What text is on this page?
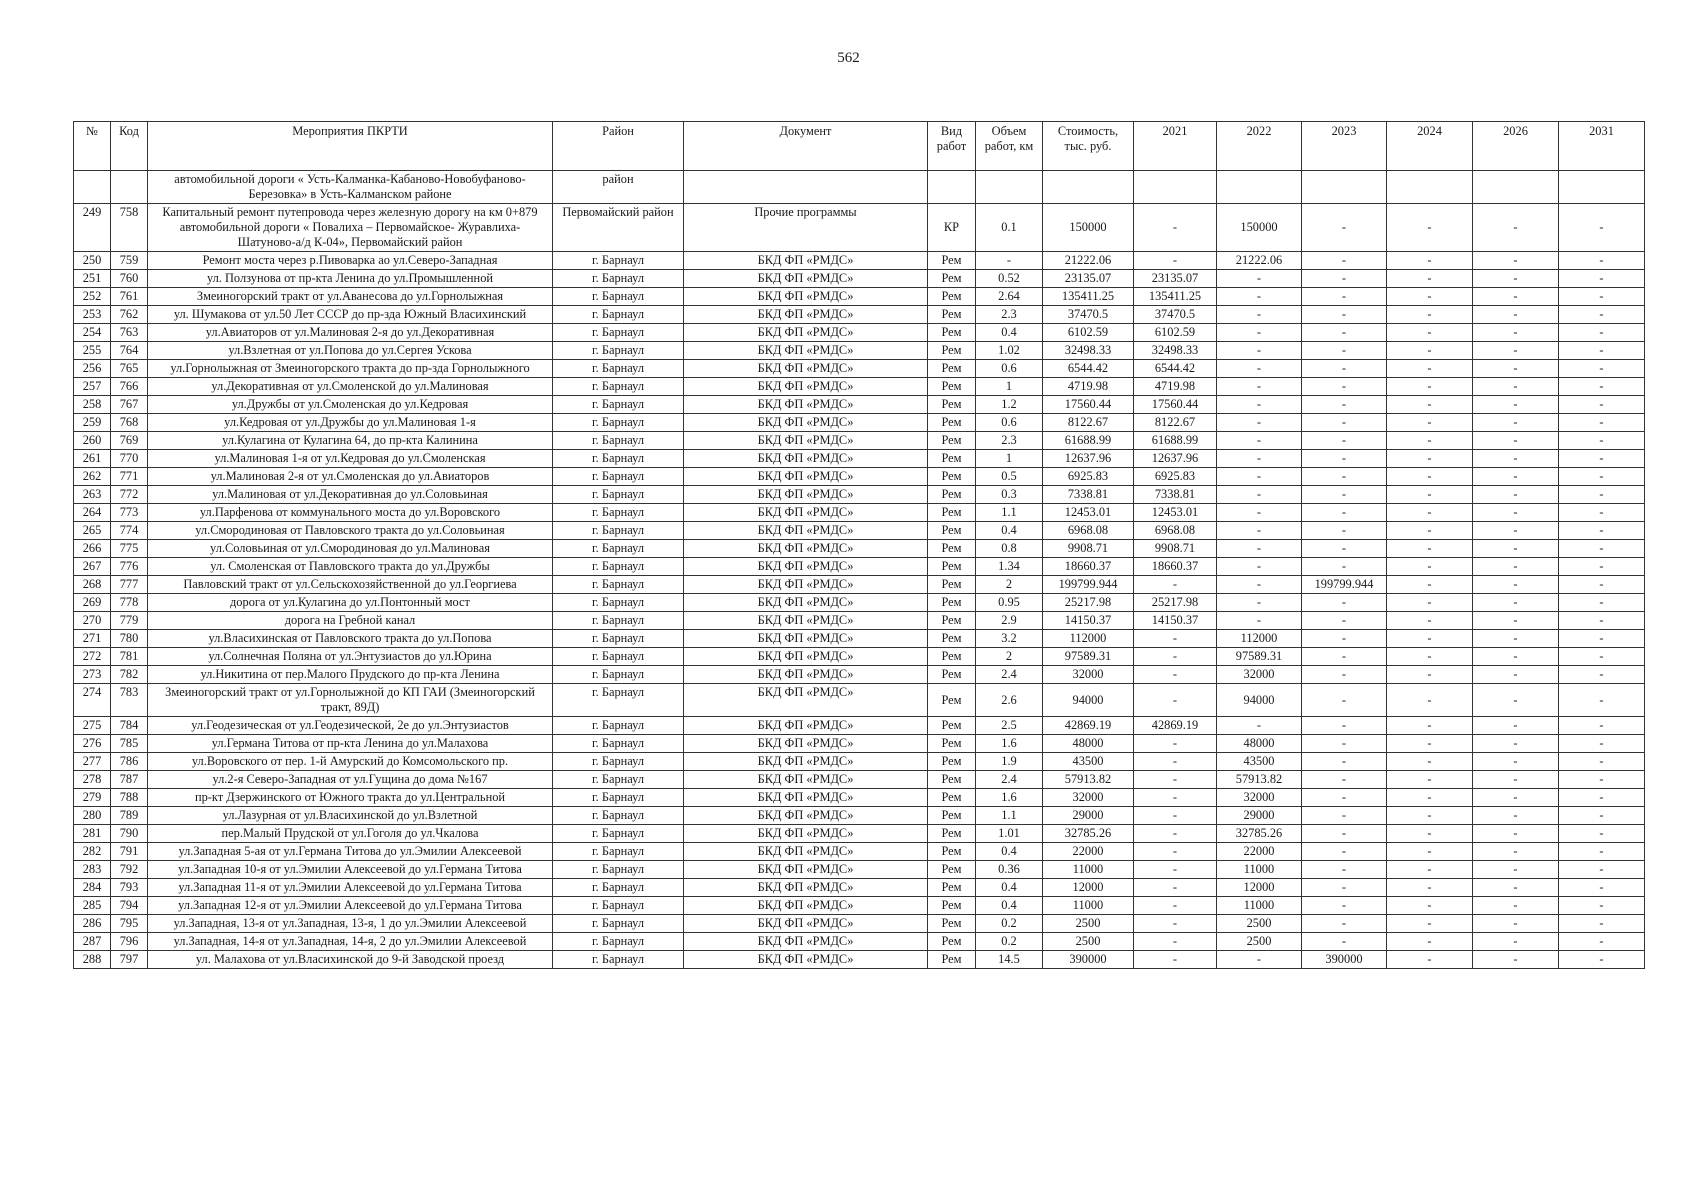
562
№	Код	Мероприятия ПКРТИ	Район	Документ	Вид работ	Объем работ, км	Стоимость, тыс. руб.	2021	2022	2023	2024	2026	2031
		автомобильной дороги « Усть-Калманка-Кабаново-Новобуфаново-Березовка» в Усть-Калманском районе	район										
249	758	Капитальный ремонт путепровода через железную дорогу на км 0+879 автомобильной дороги « Повалиха – Первомайское- Журавлиха-Шатуново-а/д К-04», Первомайский район	Первомайский район	Прочие программы	КР	0.1	150000	-	150000	-	-	-	-
250	759	Ремонт моста через р.Пивоварка ао ул.Северо-Западная	г. Барнаул	БКД ФП «РМДС»	Рем	-	21222.06	-	21222.06	-	-	-	-
251	760	ул. Ползунова от пр-кта Ленина до ул.Промышленной	г. Барнаул	БКД ФП «РМДС»	Рем	0.52	23135.07	23135.07	-	-	-	-	-
252	761	Змеиногорский тракт от ул.Аванесова до ул.Горнолыжная	г. Барнаул	БКД ФП «РМДС»	Рем	2.64	135411.25	135411.25	-	-	-	-	-
253	762	ул. Шумакова от ул.50 Лет СССР до пр-зда Южный Власихинский	г. Барнаул	БКД ФП «РМДС»	Рем	2.3	37470.5	37470.5	-	-	-	-	-
254	763	ул.Авиаторов от ул.Малиновая 2-я до ул.Декоративная	г. Барнаул	БКД ФП «РМДС»	Рем	0.4	6102.59	6102.59	-	-	-	-	-
255	764	ул.Взлетная от ул.Попова до ул.Сергея Ускова	г. Барнаул	БКД ФП «РМДС»	Рем	1.02	32498.33	32498.33	-	-	-	-	-
256	765	ул.Горнолыжная от Змеиногорского тракта до пр-зда Горнолыжного	г. Барнаул	БКД ФП «РМДС»	Рем	0.6	6544.42	6544.42	-	-	-	-	-
257	766	ул.Декоративная от ул.Смоленской до ул.Малиновая	г. Барнаул	БКД ФП «РМДС»	Рем	1	4719.98	4719.98	-	-	-	-	-
258	767	ул.Дружбы от ул.Смоленская до ул.Кедровая	г. Барнаул	БКД ФП «РМДС»	Рем	1.2	17560.44	17560.44	-	-	-	-	-
259	768	ул.Кедровая от ул.Дружбы до ул.Малиновая 1-я	г. Барнаул	БКД ФП «РМДС»	Рем	0.6	8122.67	8122.67	-	-	-	-	-
260	769	ул.Кулагина от Кулагина 64, до пр-кта Калинина	г. Барнаул	БКД ФП «РМДС»	Рем	2.3	61688.99	61688.99	-	-	-	-	-
261	770	ул.Малиновая 1-я от ул.Кедровая до ул.Смоленская	г. Барнаул	БКД ФП «РМДС»	Рем	1	12637.96	12637.96	-	-	-	-	-
262	771	ул.Малиновая 2-я от ул.Смоленская до ул.Авиаторов	г. Барнаул	БКД ФП «РМДС»	Рем	0.5	6925.83	6925.83	-	-	-	-	-
263	772	ул.Малиновая от ул.Декоративная до ул.Соловьиная	г. Барнаул	БКД ФП «РМДС»	Рем	0.3	7338.81	7338.81	-	-	-	-	-
264	773	ул.Парфенова от коммунального моста до ул.Воровского	г. Барнаул	БКД ФП «РМДС»	Рем	1.1	12453.01	12453.01	-	-	-	-	-
265	774	ул.Смородиновая от Павловского тракта до ул.Соловьиная	г. Барнаул	БКД ФП «РМДС»	Рем	0.4	6968.08	6968.08	-	-	-	-	-
266	775	ул.Соловьиная от ул.Смородиновая до ул.Малиновая	г. Барнаул	БКД ФП «РМДС»	Рем	0.8	9908.71	9908.71	-	-	-	-	-
267	776	ул. Смоленская от Павловского тракта до ул.Дружбы	г. Барнаул	БКД ФП «РМДС»	Рем	1.34	18660.37	18660.37	-	-	-	-	-
268	777	Павловский тракт от ул.Сельскохозяйственной до ул.Георгиева	г. Барнаул	БКД ФП «РМДС»	Рем	2	199799.944	-	-	199799.944	-	-	-
269	778	дорога от ул.Кулагина до ул.Понтонный мост	г. Барнаул	БКД ФП «РМДС»	Рем	0.95	25217.98	25217.98	-	-	-	-	-
270	779	дорога на Гребной канал	г. Барнаул	БКД ФП «РМДС»	Рем	2.9	14150.37	14150.37	-	-	-	-	-
271	780	ул.Власихинская от Павловского тракта до ул.Попова	г. Барнаул	БКД ФП «РМДС»	Рем	3.2	112000	-	112000	-	-	-	-
272	781	ул.Солнечная Поляна от ул.Энтузиастов до ул.Юрина	г. Барнаул	БКД ФП «РМДС»	Рем	2	97589.31	-	97589.31	-	-	-	-
273	782	ул.Никитина от пер.Малого Прудского до пр-кта Ленина	г. Барнаул	БКД ФП «РМДС»	Рем	2.4	32000	-	32000	-	-	-	-
274	783	Змеиногорский тракт от ул.Горнолыжной до КП ГАИ (Змеиногорский тракт, 89Д)	г. Барнаул	БКД ФП «РМДС»	Рем	2.6	94000	-	94000	-	-	-	-
275	784	ул.Геодезическая от ул.Геодезической, 2е до ул.Энтузиастов	г. Барнаул	БКД ФП «РМДС»	Рем	2.5	42869.19	42869.19	-	-	-	-	-
276	785	ул.Германа Титова от пр-кта Ленина до ул.Малахова	г. Барнаул	БКД ФП «РМДС»	Рем	1.6	48000	-	48000	-	-	-	-
277	786	ул.Воровского от пер. 1-й Амурский до Комсомольского пр.	г. Барнаул	БКД ФП «РМДС»	Рем	1.9	43500	-	43500	-	-	-	-
278	787	ул.2-я Северо-Западная от ул.Гущина до дома №167	г. Барнаул	БКД ФП «РМДС»	Рем	2.4	57913.82	-	57913.82	-	-	-	-
279	788	пр-кт Дзержинского от Южного тракта до ул.Центральной	г. Барнаул	БКД ФП «РМДС»	Рем	1.6	32000	-	32000	-	-	-	-
280	789	ул.Лазурная от ул.Власихинской до ул.Взлетной	г. Барнаул	БКД ФП «РМДС»	Рем	1.1	29000	-	29000	-	-	-	-
281	790	пер.Малый Прудской от ул.Гоголя до ул.Чкалова	г. Барнаул	БКД ФП «РМДС»	Рем	1.01	32785.26	-	32785.26	-	-	-	-
282	791	ул.Западная 5-ая от ул.Германа Титова до ул.Эмилии Алексеевой	г. Барнаул	БКД ФП «РМДС»	Рем	0.4	22000	-	22000	-	-	-	-
283	792	ул.Западная 10-я от ул.Эмилии Алексеевой до ул.Германа Титова	г. Барнаул	БКД ФП «РМДС»	Рем	0.36	11000	-	11000	-	-	-	-
284	793	ул.Западная 11-я от ул.Эмилии Алексеевой до ул.Германа Титова	г. Барнаул	БКД ФП «РМДС»	Рем	0.4	12000	-	12000	-	-	-	-
285	794	ул.Западная 12-я от ул.Эмилии Алексеевой до ул.Германа Титова	г. Барнаул	БКД ФП «РМДС»	Рем	0.4	11000	-	11000	-	-	-	-
286	795	ул.Западная, 13-я от ул.Западная, 13-я, 1 до ул.Эмилии Алексеевой	г. Барнаул	БКД ФП «РМДС»	Рем	0.2	2500	-	2500	-	-	-	-
287	796	ул.Западная, 14-я от ул.Западная, 14-я, 2 до ул.Эмилии Алексеевой	г. Барнаул	БКД ФП «РМДС»	Рем	0.2	2500	-	2500	-	-	-	-
288	797	ул. Малахова от ул.Власихинской до 9-й Заводской проезд	г. Барнаул	БКД ФП «РМДС»	Рем	14.5	390000	-	-	390000	-	-	-
